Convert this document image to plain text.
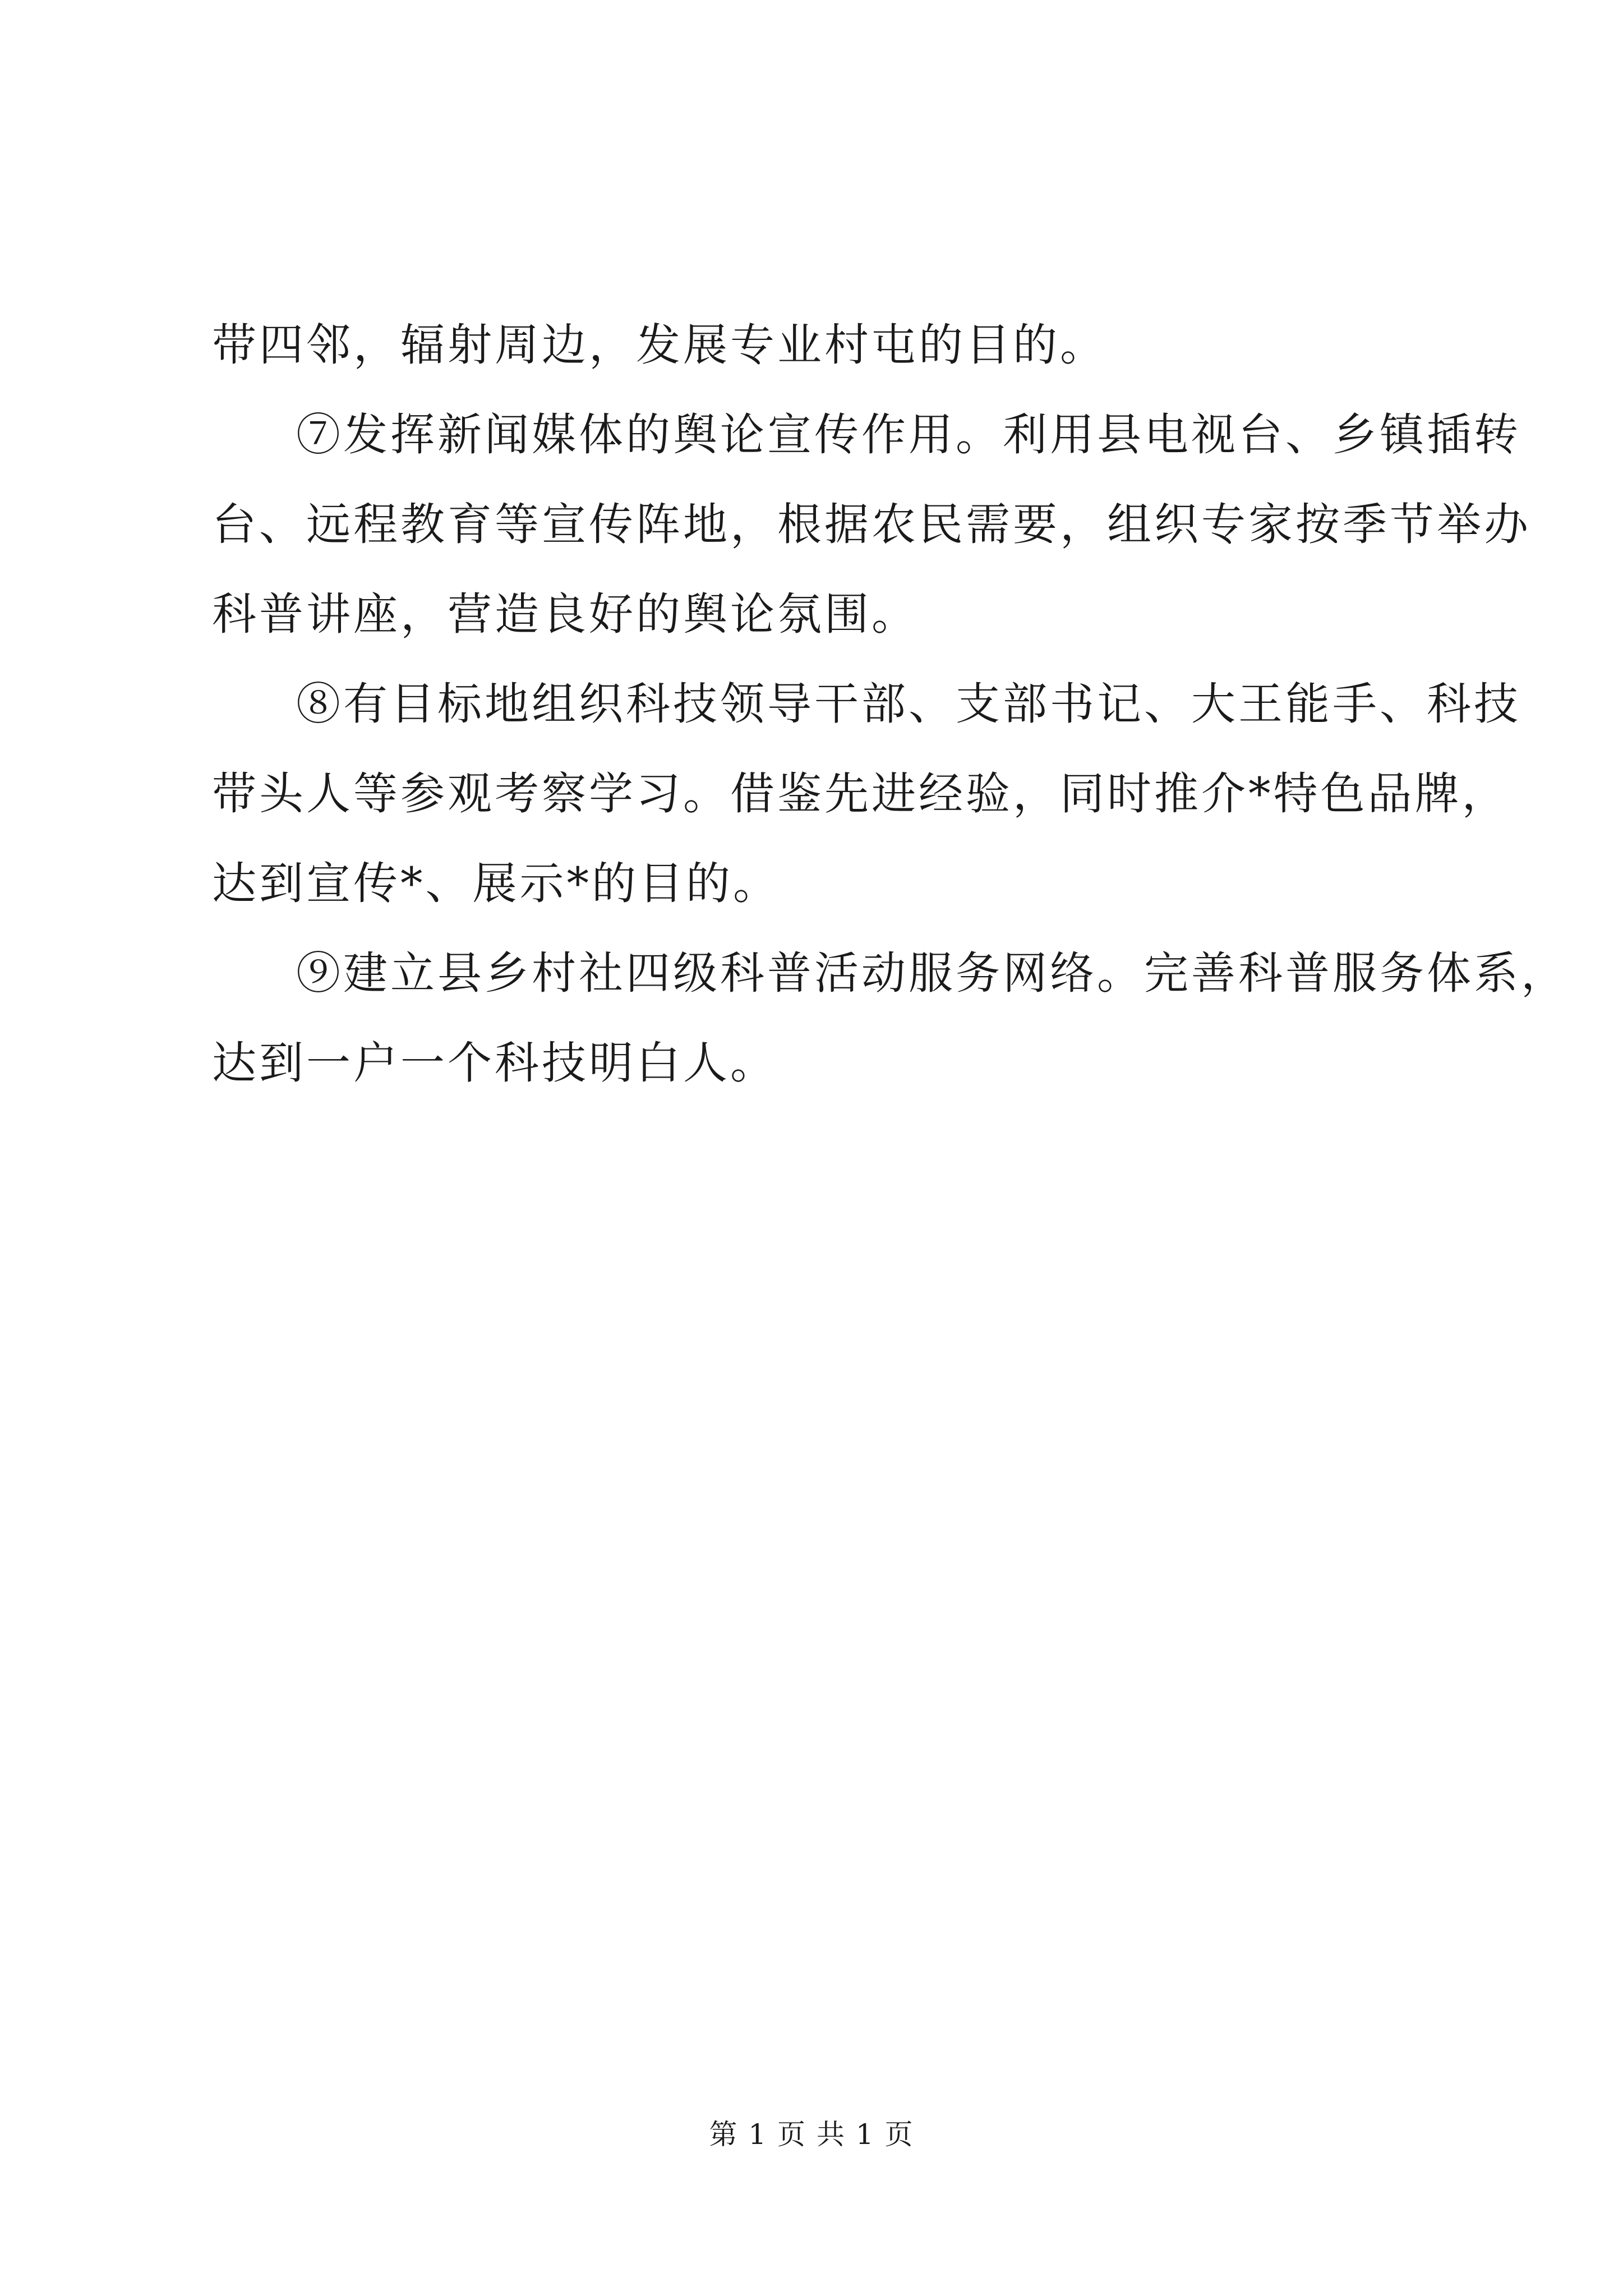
带四邻，辐射周边，发展专业村屯的目的。
⑦发挥新闻媒体的舆论宣传作用。利用县电视台、乡镇插转
台、远程教育等宣传阵地，根据农民需要，组织专家按季节举办
科普讲座，营造良好的舆论氛围。
⑧有目标地组织科技领导干部、支部书记、大王能手、科技
带头人等参观考察学习。借鉴先进经验，同时推介*特色品牌，
达到宣传*、展示*的目的。
⑨建立县乡村社四级科普活动服务网络。完善科普服务体系，
达到一户一个科技明白人。
第 1 页 共 1 页
